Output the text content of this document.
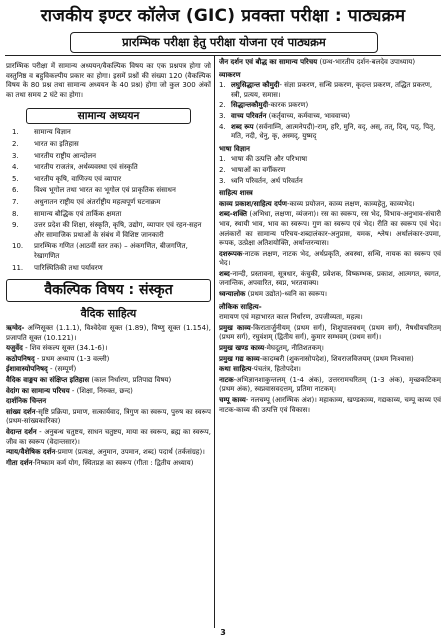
राजकीय इण्टर कॉलेज (GIC) प्रवक्ता परीक्षा : पाठ्यक्रम
प्रारम्भिक परीक्षा हेतु परीक्षा योजना एवं पाठ्यक्रम

प्रारम्भिक परीक्षा में सामान्य अध्ययन/वैकल्पिक विषय का एक प्रश्नपत्र होगा जो वस्तुनिष्ठ व बहुविकल्पीय प्रकार का होगा। इसमें प्रश्नों की संख्या 120 (वैकल्पिक विषय के 80 प्रश्न तथा सामान्य अध्ययन के 40 प्रश्न) होगा जो कुल 300 अंकों का तथा समय 2 घंटे का होगा।

सामान्य अध्ययन
1. सामान्य विज्ञान
2. भारत का इतिहास
3. भारतीय राष्ट्रीय आन्दोलन
4. भारतीय राजतंत्र, अर्थव्यवस्था एवं संस्कृति
5. भारतीय कृषि, वाणिज्य एवं व्यापार
6. विश्व भूगोल तथा भारत का भूगोल एवं प्राकृतिक संसाधन
7. अधुनातन राष्ट्रीय एवं अंतर्राष्ट्रीय महत्वपूर्ण घटनाक्रम
8. सामान्य बौद्धिक एवं तार्किक क्षमता
9. उत्तर प्रदेश की शिक्षा, संस्कृति, कृषि, उद्योग, व्यापार एवं रहन-सहन और सामाजिक प्रथाओं के संबंध में विशिष्ट जानकारी
10. प्रारम्भिक गणित (आठवीं स्तर तक) – अंकगणित, बीजगणित, रेखागणित
11. पारिस्थितिकी तथा पर्यावरण
वैकल्पिक विषय : संस्कृत
वैदिक साहित्य

ऋग्वेद- अग्निसूक्त (1.1.1), विश्वेदेवा सूक्त (1.89), विष्णु सूक्त (1.154), प्रजापति सूक्त (10.121)।

यजुर्वेद - शिव संकल्प सूक्त (34.1-6)।

कठोपनिषद् - प्रथम अध्याय (1-3 वल्ली)

ईशावास्योपनिषद् - (सम्पूर्ण)

वैदिक वाङ्मय का संक्षिप्त इतिहास (काल निर्धारण, प्रतिपाद्य विषय)

वेदांग का सामान्य परिचय - (शिक्षा, निरुक्त, छन्द)

दार्शनिक चिन्तन

सांख्य दर्शन-सृष्टि प्रक्रिया, प्रमाण, सत्कार्यवाद, त्रिगुण का स्वरूप, पुरुष का स्वरूप (प्रथम-सांख्यकारिका)

वेदान्त दर्शन - अनुबन्ध चतुष्टय, साधन चतुष्टय, माया का स्वरूप, ब्रह्म का स्वरूप, जीव का स्वरूप (वेदान्तसार)।

न्याय/वैशेषिक दर्शन-प्रमाण (प्रत्यक्ष, अनुमान, उपमान, शब्द) पदार्थ (तर्कसंग्रह)।

गीता दर्शन-निष्काम कर्म योग, स्थितप्रज्ञ का स्वरूप (गीता : द्वितीय अध्याय)

जैन दर्शन एवं बौद्ध का सामान्य परिचय (ग्रन्थ-भारतीय दर्शन-बलदेव उपाध्याय)

व्याकरण

1. लघुसिद्धान्त कौमुदी- संज्ञा प्रकरण, सन्धि प्रकरण, कृदन्त प्रकरण, तद्धित प्रकरण, स्त्री, प्रत्यय, समास।

2. सिद्धान्तकौमुदी-कारक प्रकरण)

3. वाच्य परिवर्तन (कर्तृवाच्य, कर्मवाच्य, भाववाच्य)

4. शब्द रूप (सर्वनाम्नि, आत्मनेपदी)-राम्, हरि, मुनि, वद्, अस्, तत्, दिव्, पठ्, पितृ, मति, नदी, धेनु, कृ, अस्मद्, युष्मद्

भाषा विज्ञान

1. भाषा की उत्पत्ति और परिभाषा

2. भाषाओं का वर्गीकरण

3. ध्वनि परिवर्तन, अर्थ परिवर्तन

साहित्य शास्त्र

काव्य प्रकाश/साहित्य दर्पण-काव्य प्रयोजन, काव्य लक्षण, काव्यहेतु, काव्यभेद।

शब्द-शक्ति (अभिधा, लक्षणा, व्यंजना)। रस का स्वरूप, रस भेद, विभाव-अनुभाव-संचारी भाव, स्थायी भाव, भाव का स्वरूप। गुण का स्वरूप एवं भेद। रीति का स्वरूप एवं भेद। अलंकारों का सामान्य परिचय-शब्दालंकार-अनुप्रास, यमक, श्लेष। अर्थालंकार-उपमा, रूपक, उत्प्रेक्षा अतिशयोक्ति, अर्थान्तरन्यास।

दशरूपक-नाटक लक्षण, नाटक भेद, अर्थप्रकृति, अवस्था, सन्धि, नायक का स्वरूप एवं भेद।

शब्द-नान्दी, प्रस्तावना, सूत्रधार, कंचुकी, प्रवेशक, विष्कम्भक, प्रकाश, आत्मगत, स्वगत, जनान्तिक, अपवारित, स्वप्न, भरतवाक्य।

ध्वन्यालोक (प्रथम उद्योत)-ध्वनि का स्वरूप।

लौकिक साहित्य-

रामायण एवं महाभारत काल निर्धारण, उपजीव्यता, महत्व।

प्रमुख काव्य-किरातार्जुनीयम् (प्रथम सर्ग), शिशुपालवधम् (प्रथम सर्ग), नैषधीयचरितम् (प्रथम सर्ग), रघुवंशम् (द्वितीय सर्ग), कुमार सम्भवम् (प्रथम सर्ग)।

प्रमुख खण्ड काव्य-मेघदूतम्, नीतिशतकम्।

प्रमुख गद्य काव्य-कादम्बरी (शुकनासोपदेश), शिवराजविजयम् (प्रथम निःश्वास)

कथा साहित्य-पंचतंत्र, हितोपदेश।

नाटक-अभिज्ञानशाकुन्तलम् (1-4 अंक), उत्तररामचरितम् (1-3 अंक), मृच्छकटिकम् (प्रथम अंक), स्वप्नवासवदत्तम्, प्रतिमा नाटकम्।

चम्पू काव्य- नलचम्पू (आरम्भिक अंश)। महाकाव्य, खण्डकाव्य, गद्यकाव्य, चम्पू काव्य एवं नाटक-काव्य की उत्पत्ति एवं विकास।

3
